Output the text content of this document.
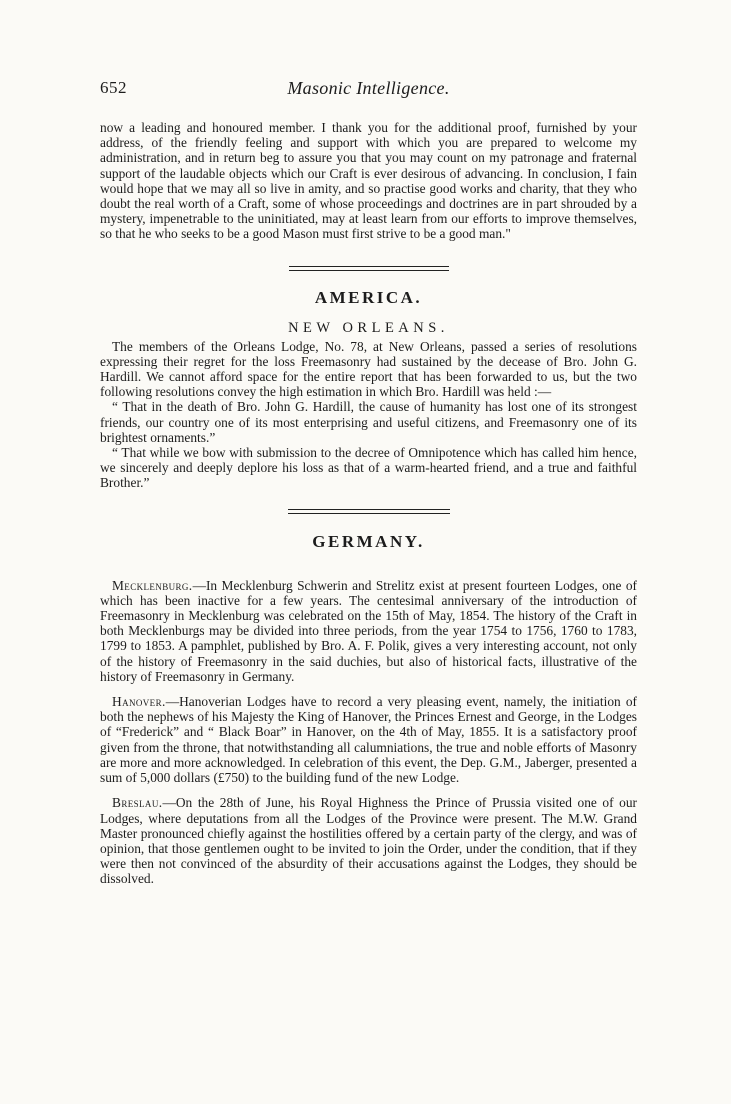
652	Masonic Intelligence.

now a leading and honoured member. I thank you for the additional proof, furnished by your address, of the friendly feeling and support with which you are prepared to welcome my administration, and in return beg to assure you that you may count on my patronage and fraternal support of the laudable objects which our Craft is ever desirous of advancing. In conclusion, I fain would hope that we may all so live in amity, and so practise good works and charity, that they who doubt the real worth of a Craft, some of whose proceedings and doctrines are in part shrouded by a mystery, impenetrable to the uninitiated, may at least learn from our efforts to improve themselves, so that he who seeks to be a good Mason must first strive to be a good man."

AMERICA.
NEW ORLEANS.

The members of the Orleans Lodge, No. 78, at New Orleans, passed a series of resolutions expressing their regret for the loss Freemasonry had sustained by the decease of Bro. John G. Hardill. We cannot afford space for the entire report that has been forwarded to us, but the two following resolutions convey the high estimation in which Bro. Hardill was held :—

“ That in the death of Bro. John G. Hardill, the cause of humanity has lost one of its strongest friends, our country one of its most enterprising and useful citizens, and Freemasonry one of its brightest ornaments.”

“ That while we bow with submission to the decree of Omnipotence which has called him hence, we sincerely and deeply deplore his loss as that of a warm-hearted friend, and a true and faithful Brother.”

GERMANY.

Mecklenburg.—In Mecklenburg Schwerin and Strelitz exist at present fourteen Lodges, one of which has been inactive for a few years. The centesimal anniversary of the introduction of Freemasonry in Mecklenburg was celebrated on the 15th of May, 1854. The history of the Craft in both Mecklenburgs may be divided into three periods, from the year 1754 to 1756, 1760 to 1783, 1799 to 1853. A pamphlet, published by Bro. A. F. Polik, gives a very interesting account, not only of the history of Freemasonry in the said duchies, but also of historical facts, illustrative of the history of Freemasonry in Germany.

Hanover.—Hanoverian Lodges have to record a very pleasing event, namely, the initiation of both the nephews of his Majesty the King of Hanover, the Princes Ernest and George, in the Lodges of “Frederick” and “ Black Boar” in Hanover, on the 4th of May, 1855. It is a satisfactory proof given from the throne, that notwithstanding all calumniations, the true and noble efforts of Masonry are more and more acknowledged. In celebration of this event, the Dep. G.M., Jaberger, presented a sum of 5,000 dollars (£750) to the building fund of the new Lodge.

Breslau.—On the 28th of June, his Royal Highness the Prince of Prussia visited one of our Lodges, where deputations from all the Lodges of the Province were present. The M.W. Grand Master pronounced chiefly against the hostilities offered by a certain party of the clergy, and was of opinion, that those gentlemen ought to be invited to join the Order, under the condition, that if they were then not convinced of the absurdity of their accusations against the Lodges, they should be dissolved.
